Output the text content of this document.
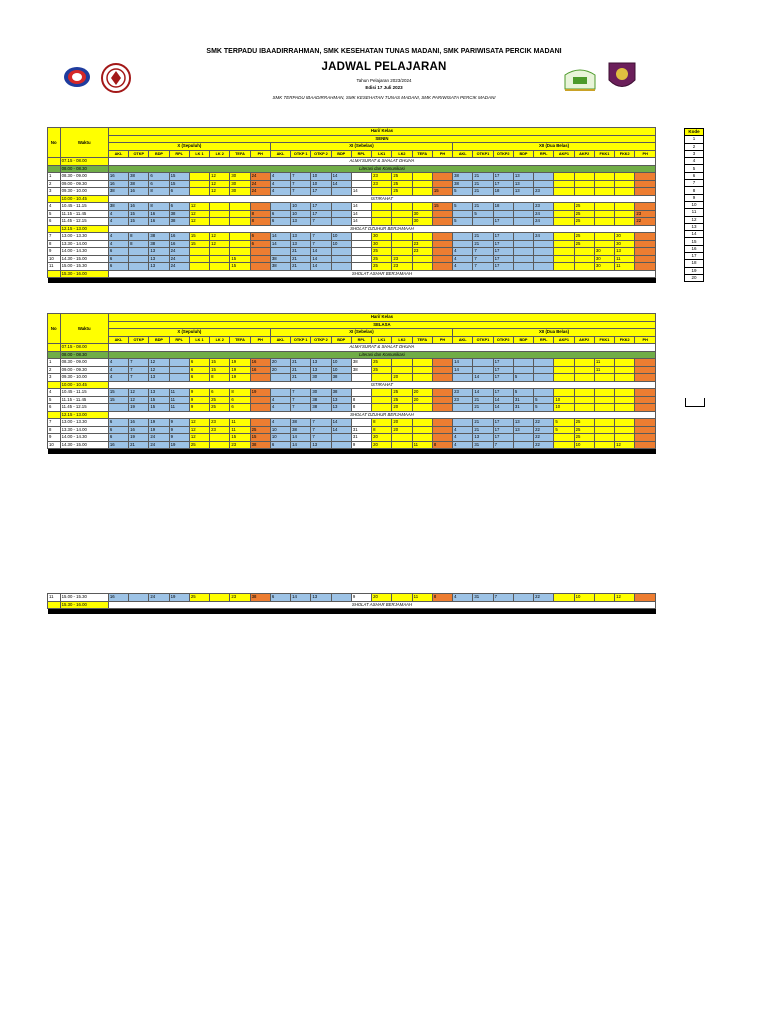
SMK TERPADU IBAADIRRAHMAN, SMK KESEHATAN TUNAS MADANI, SMK PARIWISATA PERCIK MADANI
JADWAL PELAJARAN
Tahun Pelajaran 2023/2024
Edisi 17 Juli 2023
SMK TERPADU IBAADIRRAHMAN, SMK KESEHATAN TUNAS MADANI, SMK PARIWISATA PERCIK MADANI
No	Waktu	Hari/ Kelas																										
		SENIN																										
		X (Sepuluh)								XI (Sebelas)									XII (Dua Belas)									
		AKL	OTKP	BDP	RPL	LK 1	LK 2	TEFA	PH	AKL	OTKP 1	OTKP 2	BDP	RPL	LK1	LK2	TEFA	PH	AKL	OTKP1	OTKP2	BDP	RPL	AKP1	AKP2	FKK1	FKK2	PH
	07.15 - 08.00	ALMA'SURAT & SHALAT DHUHA																										
	08.00 - 08.30	Literasi dan Komunikasi																										
1	08.30 - 09.00	16	38	6	15		12	30	24	4	7	10	14		23	25			38	21	17	13						
2	09.00 - 09.30	16	38	6	15		12	30	24	4	7	10	14		23	25			38	21	17	13						
3	09.30 - 10.00	38	16	8	6		12	30	24	4	7	17		14		25		15	5	21	18	13	23					
	10.00 - 10.45	ISTIRAHAT																										
4	10.45 - 11.15	38	16	8	6	12					10	17		14				15	5	21	18		23		25			
5	11.15 - 11.45	4	15	16	38	12			8	6	10	17		14			30			5			24		25			23
6	11.45 - 12.15	4	15	16	38	12			8	6	13	7		14			30		5		17		24		25			22
	12.15 - 13.00	SHOLAT DZUHUR BERJAMAAH																										
7	13.00 - 13.30	4	8	38	16	15	12		6	14	13	7	10		30					21	17		24		25		30	
8	13.30 - 14.00	4	8	38	16	15	12		6	14	13	7	10		30		23			21	17				25		30	
9	14.00 - 14.30	6		13	24						21	14			25		23		4	7	17					30	13	
10	14.30 - 15.00	6		13	24			15		38	21	14			25	23			4	7	17					30	11	
11	15.00 - 15.30	6		13	24			15		38	21	14			25	23			4	7	17					30	11	
	15.30 - 16.00	SHOLAT ASHAR BERJAMAAH																										

No	Waktu	Hari/ Kelas																										
		SELASA																										
		X (Sepuluh)								XI (Sebelas)									XII (Dua Belas)									
		AKL	OTKP	BDP	RPL	LK 1	LK 2	TEFA	PH	AKL	OTKP 1	OTKP 2	BDP	RPL	LK1	LK2	TEFA	PH	AKL	OTKP1	OTKP2	BDP	RPL	AKP1	AKP2	FKK1	FKK2	PH
	07.15 - 08.00	ALMA'SURAT & SHALAT DHUHA																										
	08.00 - 08.30	Literasi dan Komunikasi																										
1	08.30 - 09.00	4	7	12		6	15	19	16	20	21	13	10	38	25				14		17					11		
2	09.00 - 09.30	4	7	12		6	15	19	16	20	21	13	10	38	25				14		17					11		
3	09.30 - 10.00	4	7	13		6	8	19			21	30	38			20				14	17	5						
	10.00 - 10.45	ISTIRAHAT																										
4	10.45 - 11.15	15	12	13	11	9	6	8	19		7	30	38			25	20		23	14	17	5						
5	11.15 - 11.45	15	12	15	11	9	25	6		4	7	38	13	8		25	20		23	21	14	31	5	10				
6	11.45 - 12.15		19	15	11	9	25	6		4	7	38	13	8		20				21	14	31	5	10				
	12.15 - 13.00	SHOLAT DZUHUR BERJAMAAH																										
7	13.00 - 13.30	6	16	19	9	12	23	11		4	38	7	14		8	20				21	17	13	22	5	25			
8	13.30 - 14.00	6	16	19	9	12	23	11	25	10	38	7	14	31	8	20			4	21	17	13	22	5	25			
9	14.00 - 14.30	6	19	24	9	12		15	15	10	14	7		31	20				4	13	17		22		25			
10	14.30 - 15.00	16	21	24	19	25		23	38	6	14	13		9	20		11	8	4	31	7		22		10		12	

11	15.00 - 15.30	16		24	19	25		23	38	6	14	13		9	20		11	8	4	31	7		22		10		12	
	15.30 - 16.00	SHOLAT ASHAR BERJAMAAH																										

Kode
1
2
3
4
5
6
7
8
9
10
11
12
13
14
15
16
17
18
19
20
